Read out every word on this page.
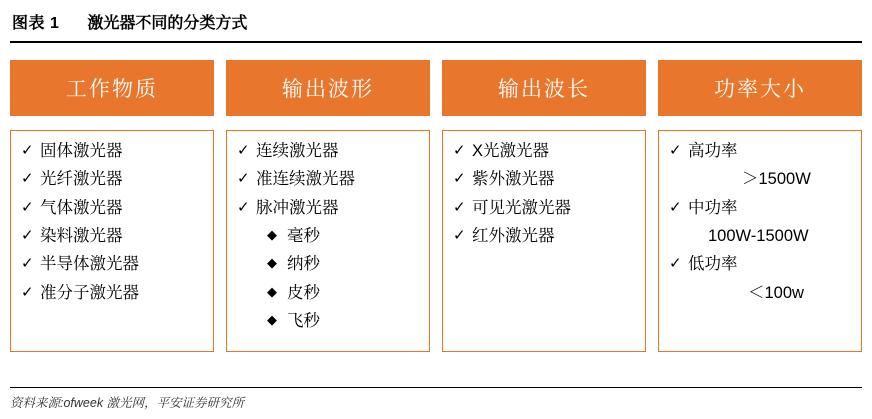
图表 1 激光器不同的分类方式
工作物质
✓ 固体激光器
✓ 光纤激光器
✓ 气体激光器
✓ 染料激光器
✓ 半导体激光器
✓ 准分子激光器
输出波形
✓ 连续激光器
✓ 准连续激光器
✓ 脉冲激光器
◆ 毫秒
◆ 纳秒
◆ 皮秒
◆ 飞秒
输出波长
✓ X光激光器
✓ 紫外激光器
✓ 可见光激光器
✓ 红外激光器
功率大小
✓ 高功率
＞1500W
✓ 中功率
100W-1500W
✓ 低功率
＜100w
资料来源:ofweek 激光网，平安证券研究所
